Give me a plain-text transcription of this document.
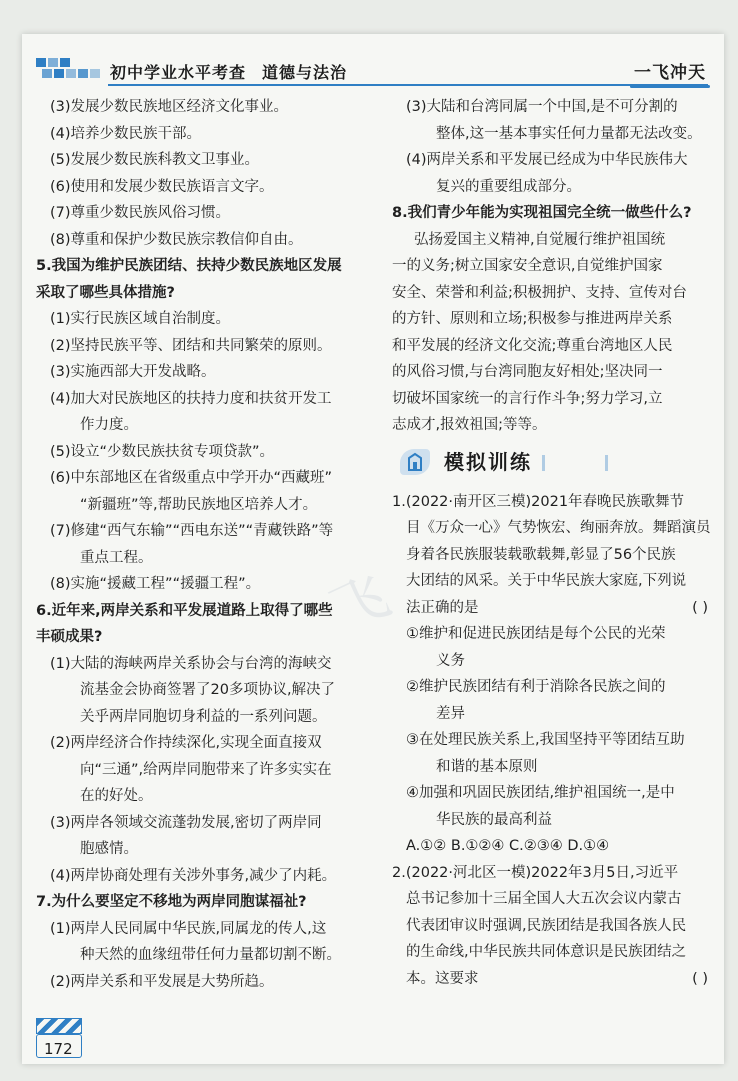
初中学业水平考查 道德与法治	一飞冲天
飞
(3)发展少数民族地区经济文化事业。
(4)培养少数民族干部。
(5)发展少数民族科教文卫事业。
(6)使用和发展少数民族语言文字。
(7)尊重少数民族风俗习惯。
(8)尊重和保护少数民族宗教信仰自由。
5.我国为维护民族团结、扶持少数民族地区发展
采取了哪些具体措施?
(1)实行民族区域自治制度。
(2)坚持民族平等、团结和共同繁荣的原则。
(3)实施西部大开发战略。
(4)加大对民族地区的扶持力度和扶贫开发工
作力度。
(5)设立“少数民族扶贫专项贷款”。
(6)中东部地区在省级重点中学开办“西藏班”
“新疆班”等,帮助民族地区培养人才。
(7)修建“西气东输”“西电东送”“青藏铁路”等
重点工程。
(8)实施“援藏工程”“援疆工程”。
6.近年来,两岸关系和平发展道路上取得了哪些
丰硕成果?
(1)大陆的海峡两岸关系协会与台湾的海峡交
流基金会协商签署了20多项协议,解决了
关乎两岸同胞切身利益的一系列问题。
(2)两岸经济合作持续深化,实现全面直接双
向“三通”,给两岸同胞带来了许多实实在
在的好处。
(3)两岸各领域交流蓬勃发展,密切了两岸同
胞感情。
(4)两岸协商处理有关涉外事务,减少了内耗。
7.为什么要坚定不移地为两岸同胞谋福祉?
(1)两岸人民同属中华民族,同属龙的传人,这
种天然的血缘纽带任何力量都切割不断。
(2)两岸关系和平发展是大势所趋。
(3)大陆和台湾同属一个中国,是不可分割的
整体,这一基本事实任何力量都无法改变。
(4)两岸关系和平发展已经成为中华民族伟大
复兴的重要组成部分。
8.我们青少年能为实现祖国完全统一做些什么?
弘扬爱国主义精神,自觉履行维护祖国统
一的义务;树立国家安全意识,自觉维护国家
安全、荣誉和利益;积极拥护、支持、宣传对台
的方针、原则和立场;积极参与推进两岸关系
和平发展的经济文化交流;尊重台湾地区人民
的风俗习惯,与台湾同胞友好相处;坚决同一
切破坏国家统一的言行作斗争;努力学习,立
志成才,报效祖国;等等。
模拟训练
1.(2022·南开区三模)2021年春晚民族歌舞节
目《万众一心》气势恢宏、绚丽奔放。舞蹈演员
身着各民族服装载歌载舞,彰显了56个民族
大团结的风采。关于中华民族大家庭,下列说
法正确的是	( )
①维护和促进民族团结是每个公民的光荣
义务
②维护民族团结有利于消除各民族之间的
差异
③在处理民族关系上,我国坚持平等团结互助
和谐的基本原则
④加强和巩固民族团结,维护祖国统一,是中
华民族的最高利益
A.①② B.①②④ C.②③④ D.①④
2.(2022·河北区一模)2022年3月5日,习近平
总书记参加十三届全国人大五次会议内蒙古
代表团审议时强调,民族团结是我国各族人民
的生命线,中华民族共同体意识是民族团结之
本。这要求	( )
172
